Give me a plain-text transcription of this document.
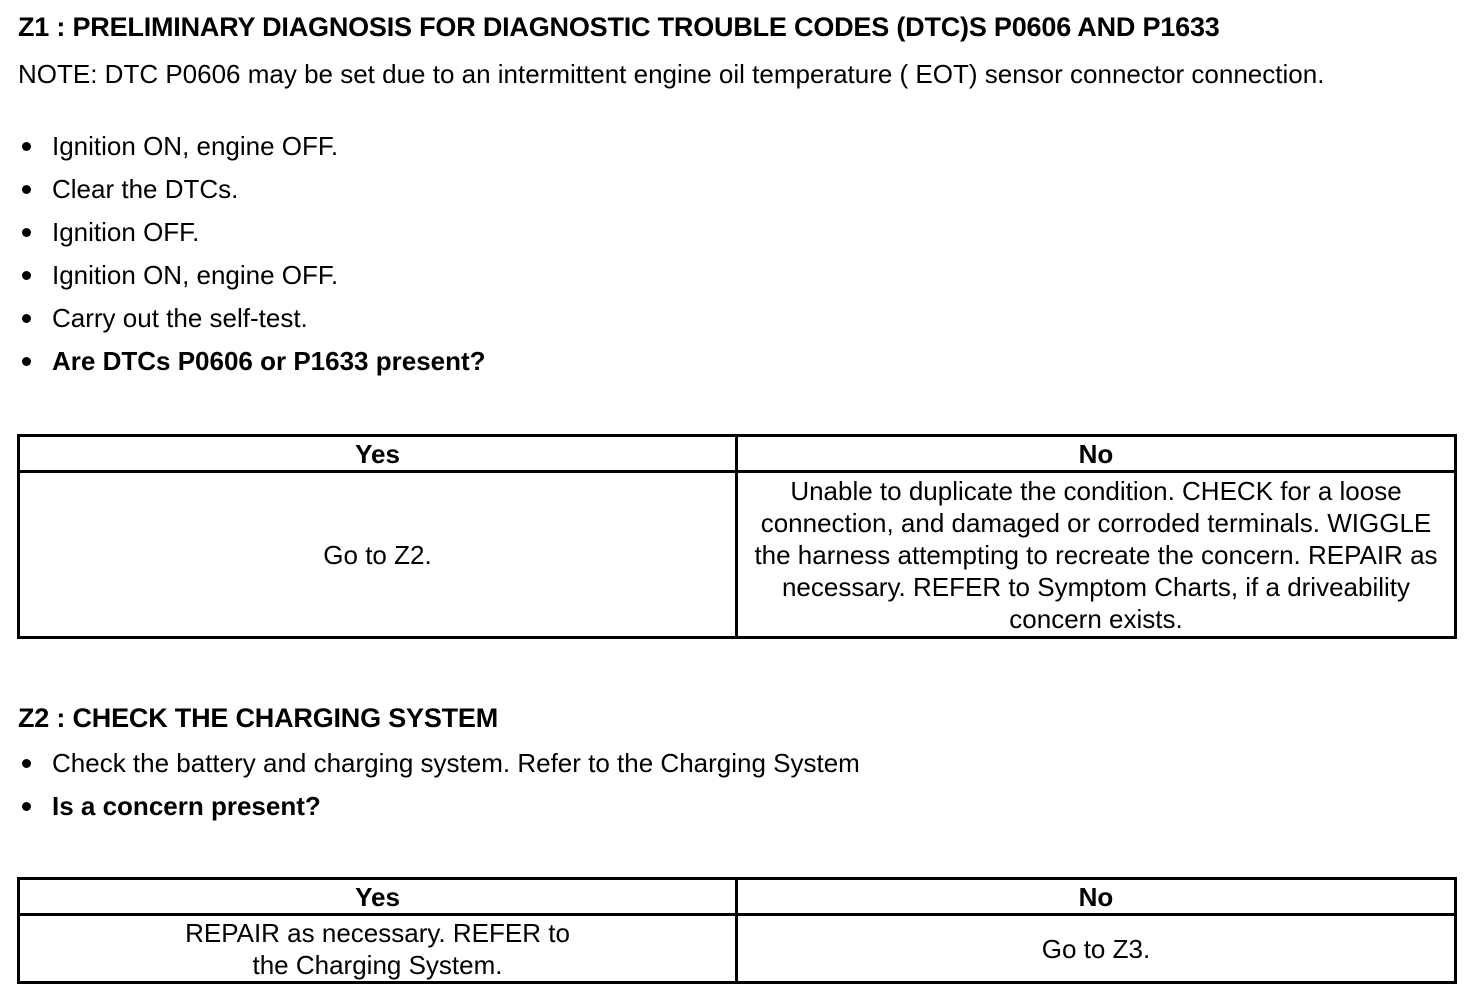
Z1 : PRELIMINARY DIAGNOSIS FOR DIAGNOSTIC TROUBLE CODES (DTC)S P0606 AND P1633

NOTE: DTC P0606 may be set due to an intermittent engine oil temperature ( EOT) sensor connector connection.

Ignition ON, engine OFF.
Clear the DTCs.
Ignition OFF.
Ignition ON, engine OFF.
Carry out the self-test.
Are DTCs P0606 or P1633 present?
Yes	No

Go to Z2.	Unable to duplicate the condition. CHECK for a loose connection, and damaged or corroded terminals. WIGGLE the harness attempting to recreate the concern. REPAIR as necessary. REFER to Symptom Charts, if a driveability concern exists.
Z2 : CHECK THE CHARGING SYSTEM
Check the battery and charging system. Refer to the Charging System
Is a concern present?
Yes	No

REPAIR as necessary. REFER to the Charging System.	Go to Z3.
